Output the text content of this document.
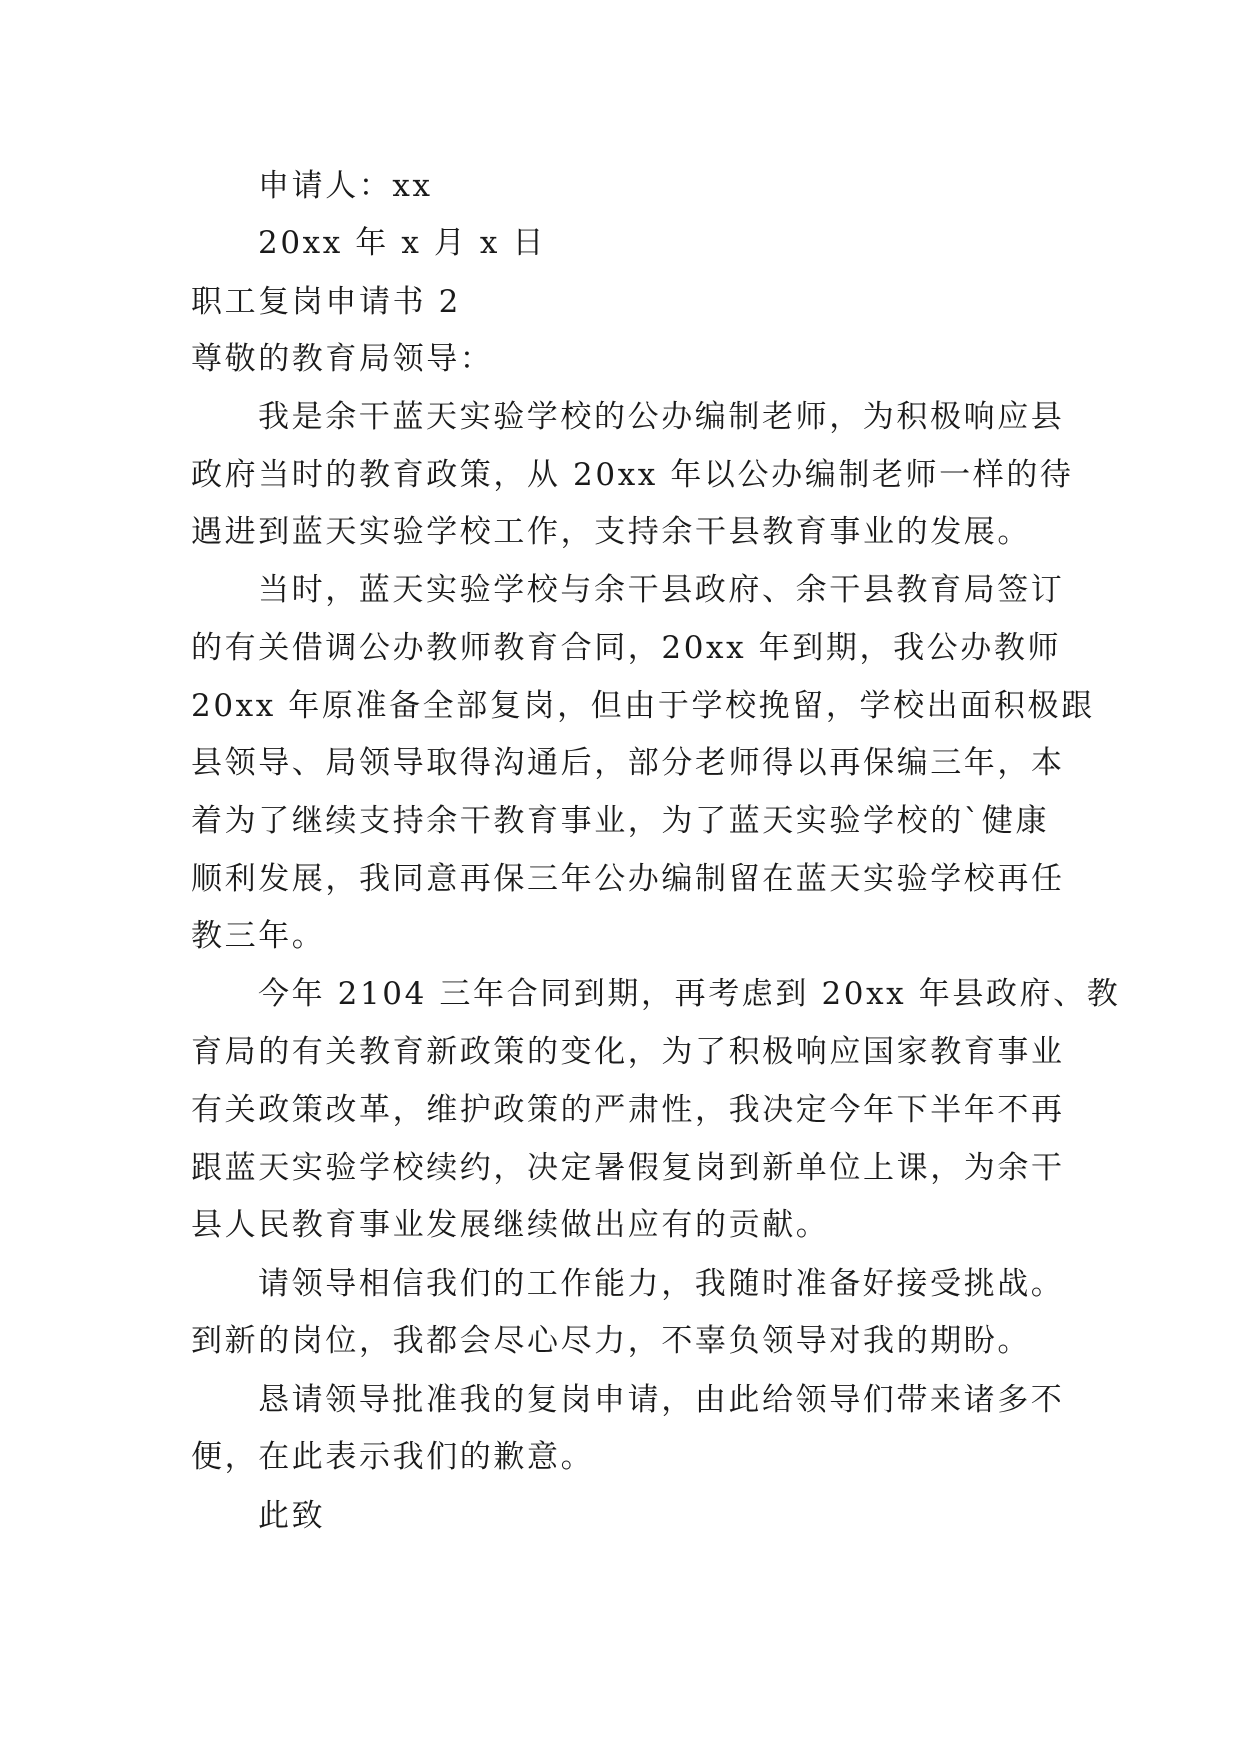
申请人：xx
20xx 年 x 月 x 日
职工复岗申请书 2
尊敬的教育局领导：
我是余干蓝天实验学校的公办编制老师，为积极响应县
政府当时的教育政策，从 20xx 年以公办编制老师一样的待
遇进到蓝天实验学校工作，支持余干县教育事业的发展。
当时，蓝天实验学校与余干县政府、余干县教育局签订
的有关借调公办教师教育合同，20xx 年到期，我公办教师
20xx 年原准备全部复岗，但由于学校挽留，学校出面积极跟
县领导、局领导取得沟通后，部分老师得以再保编三年，本
着为了继续支持余干教育事业，为了蓝天实验学校的`健康
顺利发展，我同意再保三年公办编制留在蓝天实验学校再任
教三年。
今年 2104 三年合同到期，再考虑到 20xx 年县政府、教
育局的有关教育新政策的变化，为了积极响应国家教育事业
有关政策改革，维护政策的严肃性，我决定今年下半年不再
跟蓝天实验学校续约，决定暑假复岗到新单位上课，为余干
县人民教育事业发展继续做出应有的贡献。
请领导相信我们的工作能力，我随时准备好接受挑战。
到新的岗位，我都会尽心尽力，不辜负领导对我的期盼。
恳请领导批准我的复岗申请，由此给领导们带来诸多不
便，在此表示我们的歉意。
此致
